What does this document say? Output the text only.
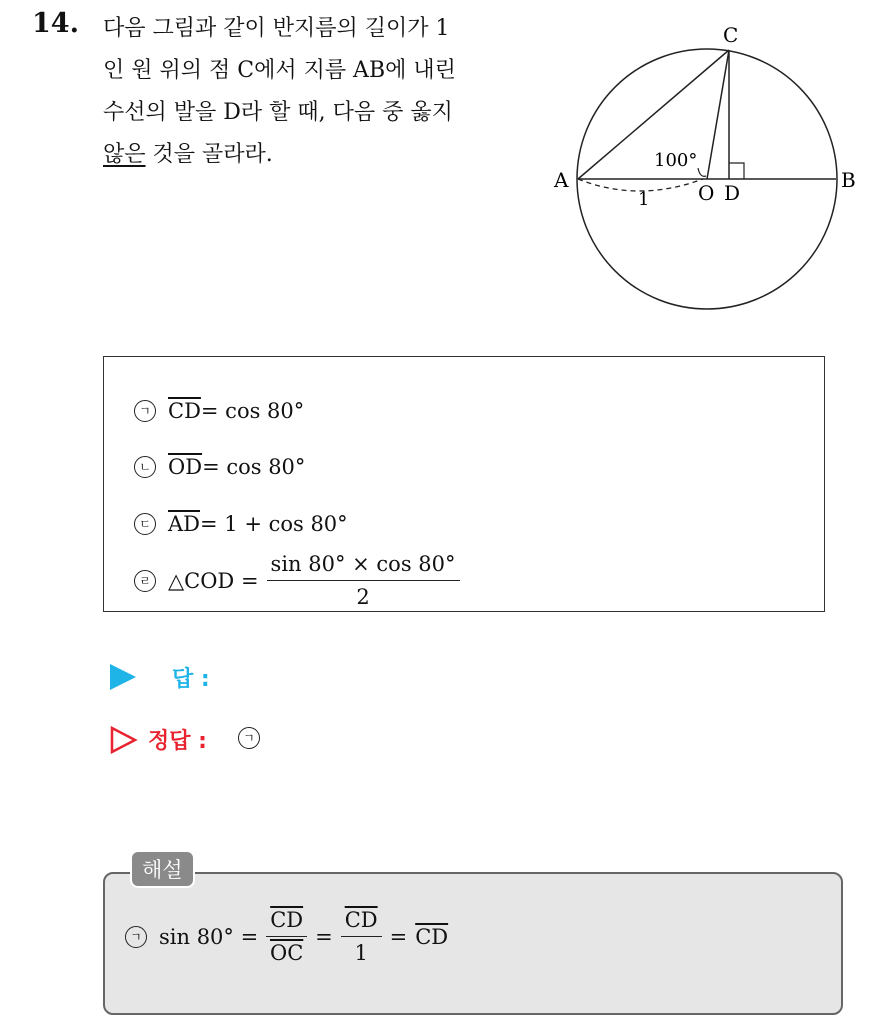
14. 다음 그림과 같이 반지름의 길이가 1
인 원 위의 점 C에서 지름 AB에 내린
수선의 발을 D라 할 때, 다음 중 옳지
않은 것을 골라라.
C
A	B
O D
100°
1
ㄱ $\overline{CD} = \cos 80^\circ$
ㄴ $\overline{OD} = \cos 80^\circ$
ㄷ $\overline{AD} = 1 + \cos 80^\circ$
ㄹ △COD = $\frac{\sin 80^\circ \times \cos 80^\circ}{2}$
답 :
정답 :	ㄱ
해설
ㄱ $\sin 80^\circ = \frac{\overline{CD}}{OC} = \frac{\overline{CD}}{1} = \overline{CD}$
